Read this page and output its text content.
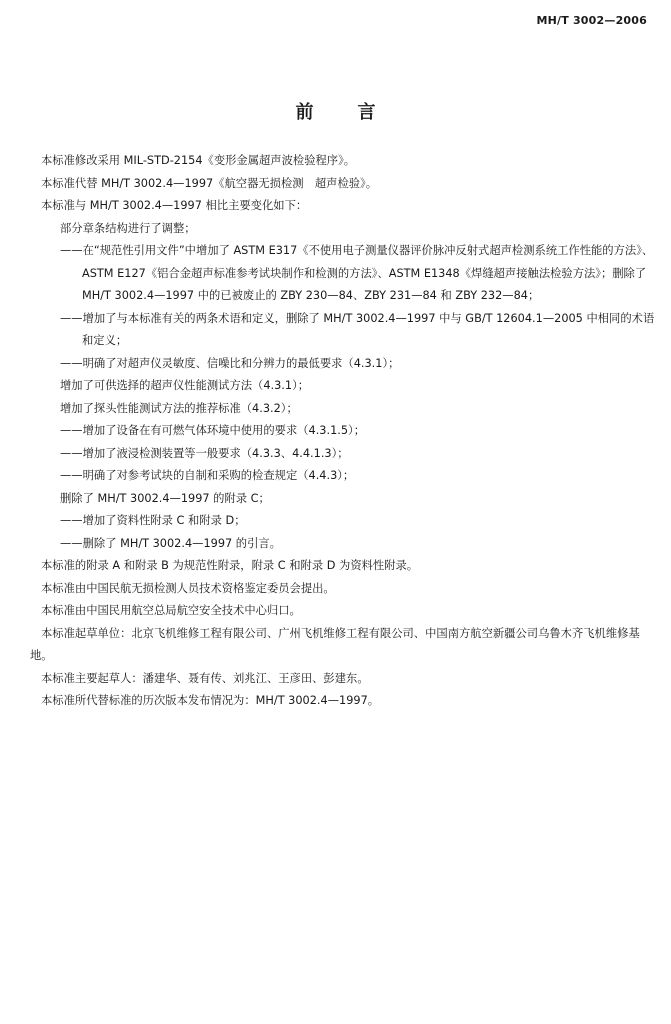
MH/T 3002—2006
前言

本标准修改采用 MIL-STD-2154《变形金属超声波检验程序》。

本标准代替 MH/T 3002.4—1997《航空器无损检测　超声检验》。

本标准与 MH/T 3002.4—1997 相比主要变化如下：

部分章条结构进行了调整；

——在“规范性引用文件”中增加了 ASTM E317《不使用电子测量仪器评价脉冲反射式超声检测系统工作性能的方法》、ASTM E127《铝合金超声标准参考试块制作和检测的方法》、ASTM E1348《焊缝超声接触法检验方法》；删除了 MH/T 3002.4—1997 中的已被废止的 ZBY 230—84、ZBY 231—84 和 ZBY 232—84；

——增加了与本标准有关的两条术语和定义，删除了 MH/T 3002.4—1997 中与 GB/T 12604.1—2005 中相同的术语和定义；

——明确了对超声仪灵敏度、信噪比和分辨力的最低要求（4.3.1）；

增加了可供选择的超声仪性能测试方法（4.3.1）；

增加了探头性能测试方法的推荐标准（4.3.2）；

——增加了设备在有可燃气体环境中使用的要求（4.3.1.5）；

——增加了液浸检测装置等一般要求（4.3.3、4.4.1.3）；

——明确了对参考试块的自制和采购的检查规定（4.4.3）；

删除了 MH/T 3002.4—1997 的附录 C；

——增加了资料性附录 C 和附录 D；

——删除了 MH/T 3002.4—1997 的引言。

本标准的附录 A 和附录 B 为规范性附录，附录 C 和附录 D 为资料性附录。

本标准由中国民航无损检测人员技术资格鉴定委员会提出。

本标准由中国民用航空总局航空安全技术中心归口。

本标准起草单位：北京飞机维修工程有限公司、广州飞机维修工程有限公司、中国南方航空新疆公司乌鲁木齐飞机维修基地。

本标准主要起草人：潘建华、聂有传、刘兆江、王彦田、彭建东。

本标准所代替标准的历次版本发布情况为：MH/T 3002.4—1997。
